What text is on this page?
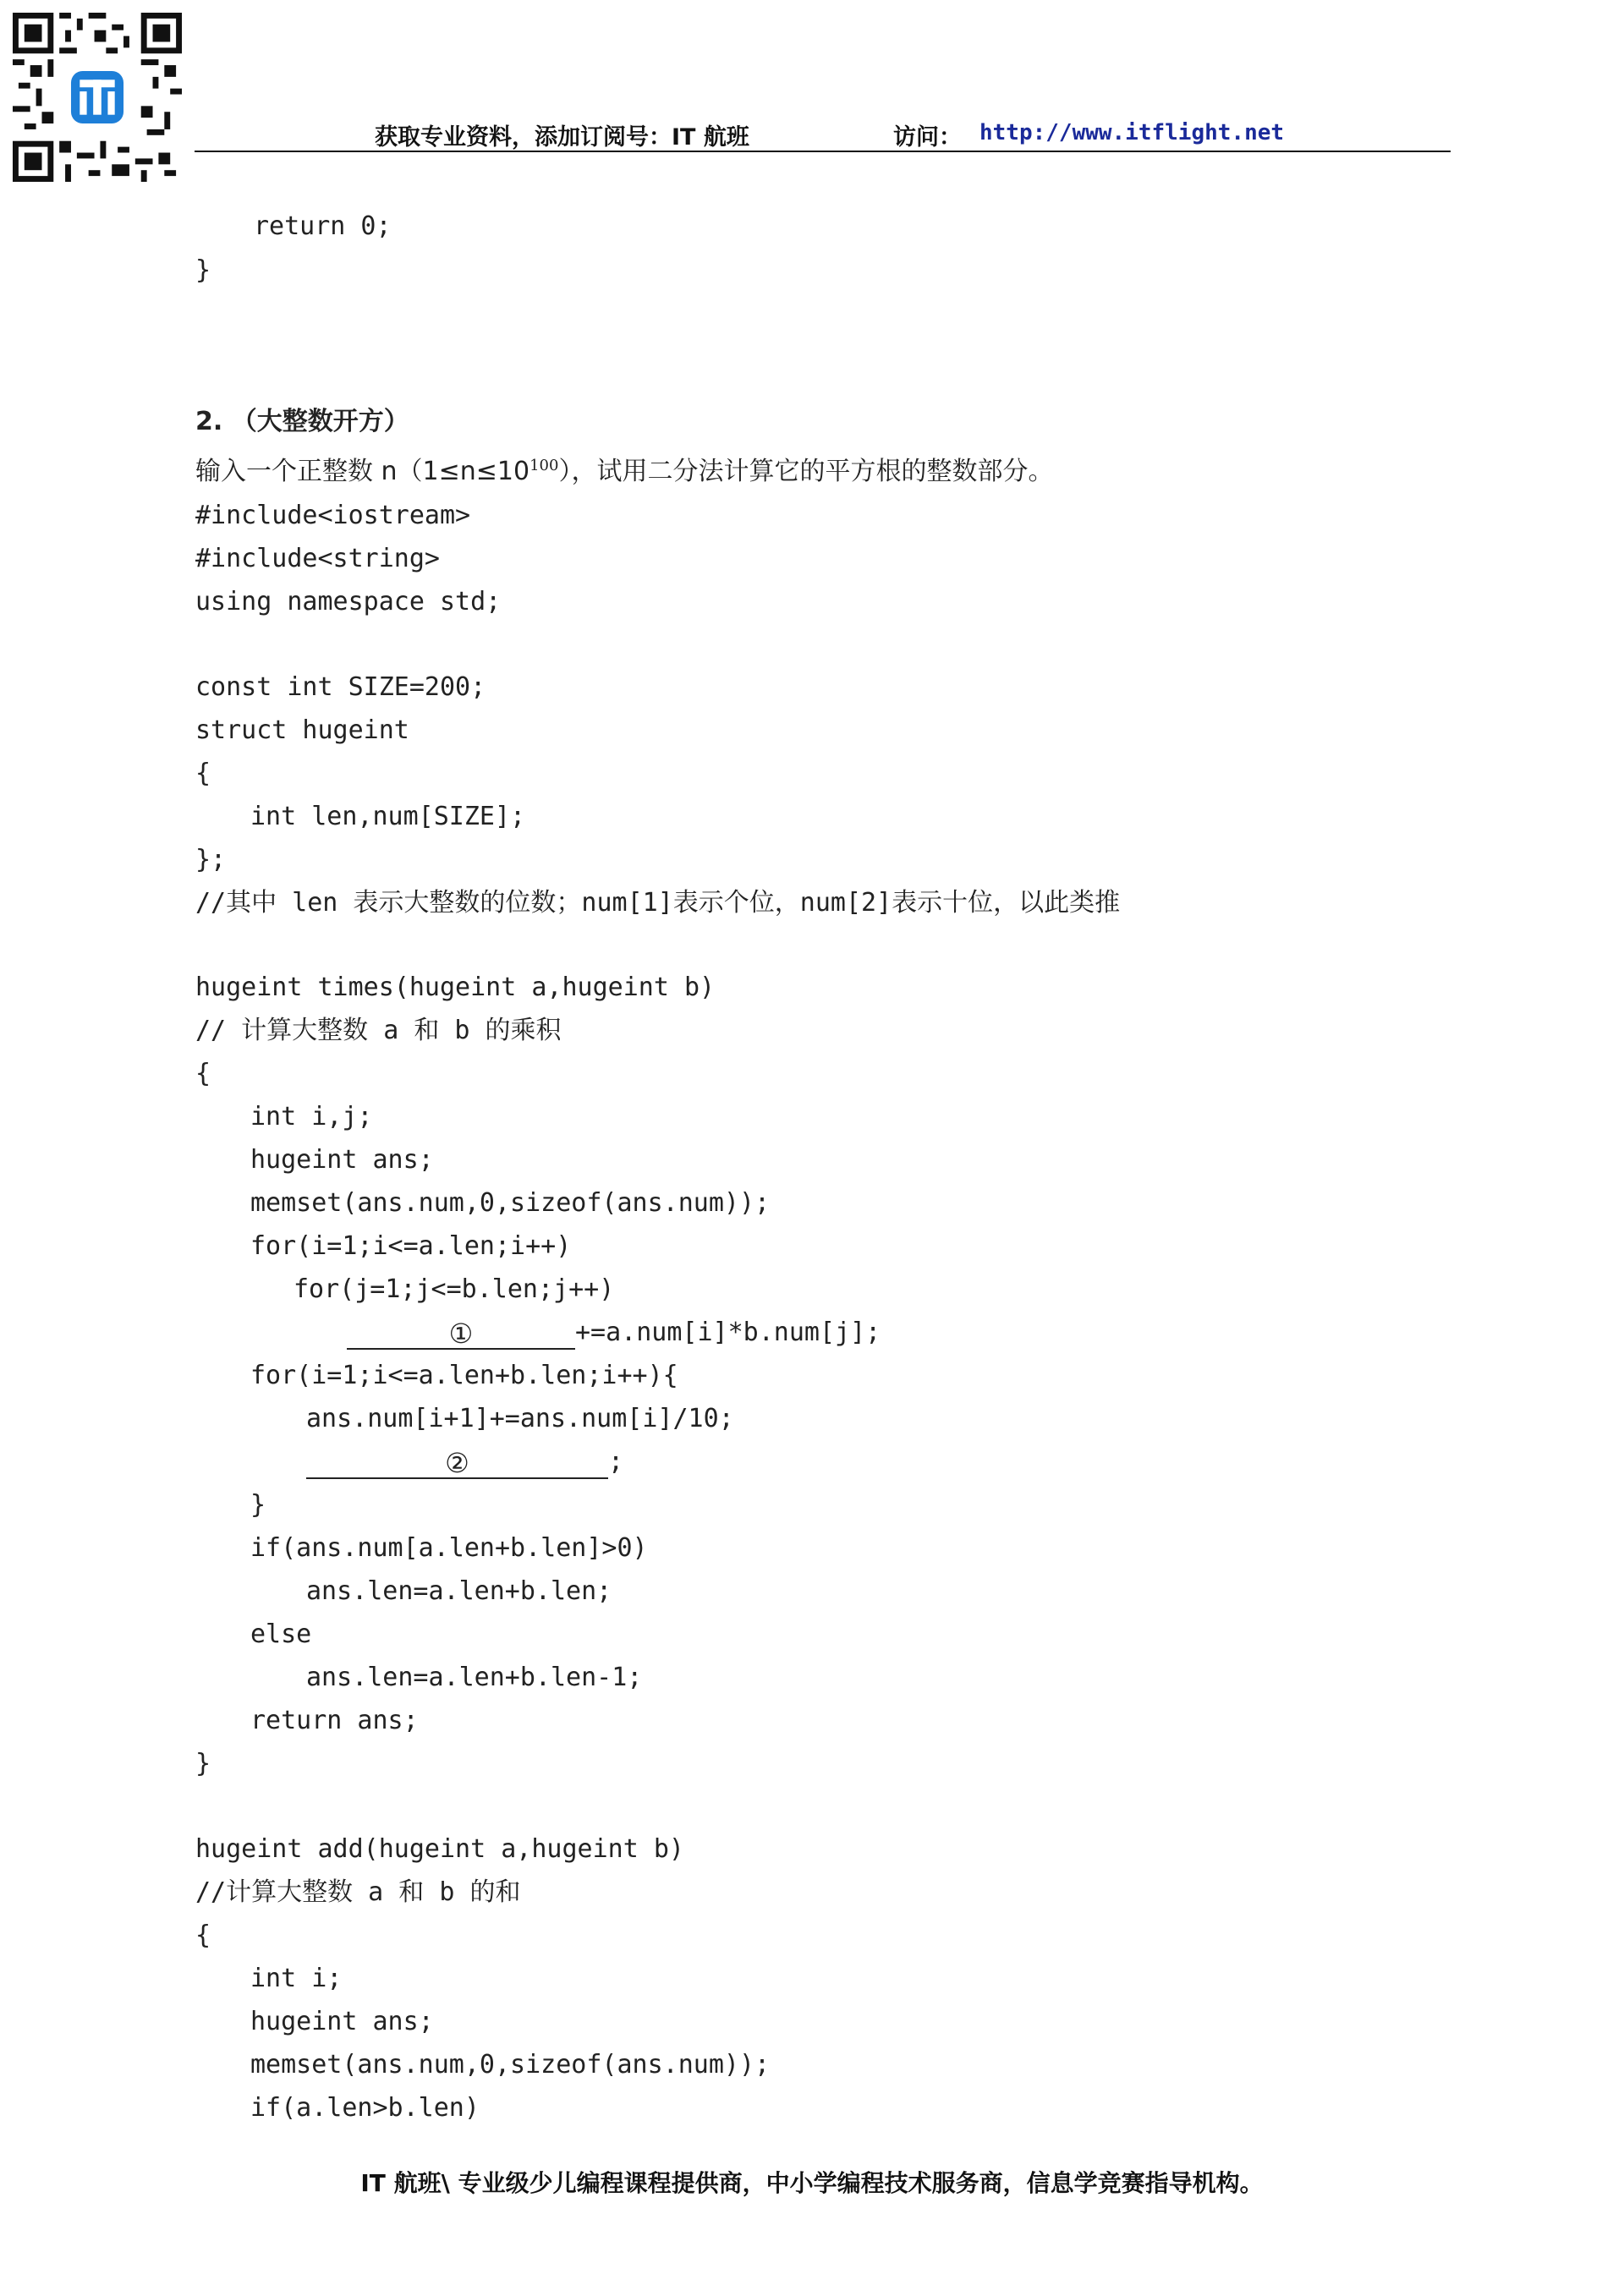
获取专业资料，添加订阅号：IT 航班	访问： http://www.itflight.net
return 0;
}
2. （大整数开方）
输入一个正整数 $n(1\le n\le 10^{100})$，试用二分法计算它的平方根的整数部分。
#include<iostream>
#include<string>
using namespace std;
const int SIZE=200;
struct hugeint
{
int len,num[SIZE];
};
//其中 len 表示大整数的位数；num[1]表示个位，num[2]表示十位，以此类推
hugeint times(hugeint a,hugeint b)
// 计算大整数 a 和 b 的乘积
{
int i,j;
hugeint ans;
memset(ans.num,0,sizeof(ans.num));
for(i=1;i<=a.len;i++)
for(j=1;j<=b.len;j++)
①	+=a.num[i]*b.num[j];
for(i=1;i<=a.len+b.len;i++){
ans.num[i+1]+=ans.num[i]/10;
②	;
}
if(ans.num[a.len+b.len]>0)
ans.len=a.len+b.len;
else
ans.len=a.len+b.len-1;
return ans;
}
hugeint add(hugeint a,hugeint b)
//计算大整数 a 和 b 的和
{
int i;
hugeint ans;
memset(ans.num,0,sizeof(ans.num));
if(a.len>b.len)
IT 航班\ 专业级少儿编程课程提供商，中小学编程技术服务商，信息学竞赛指导机构。
